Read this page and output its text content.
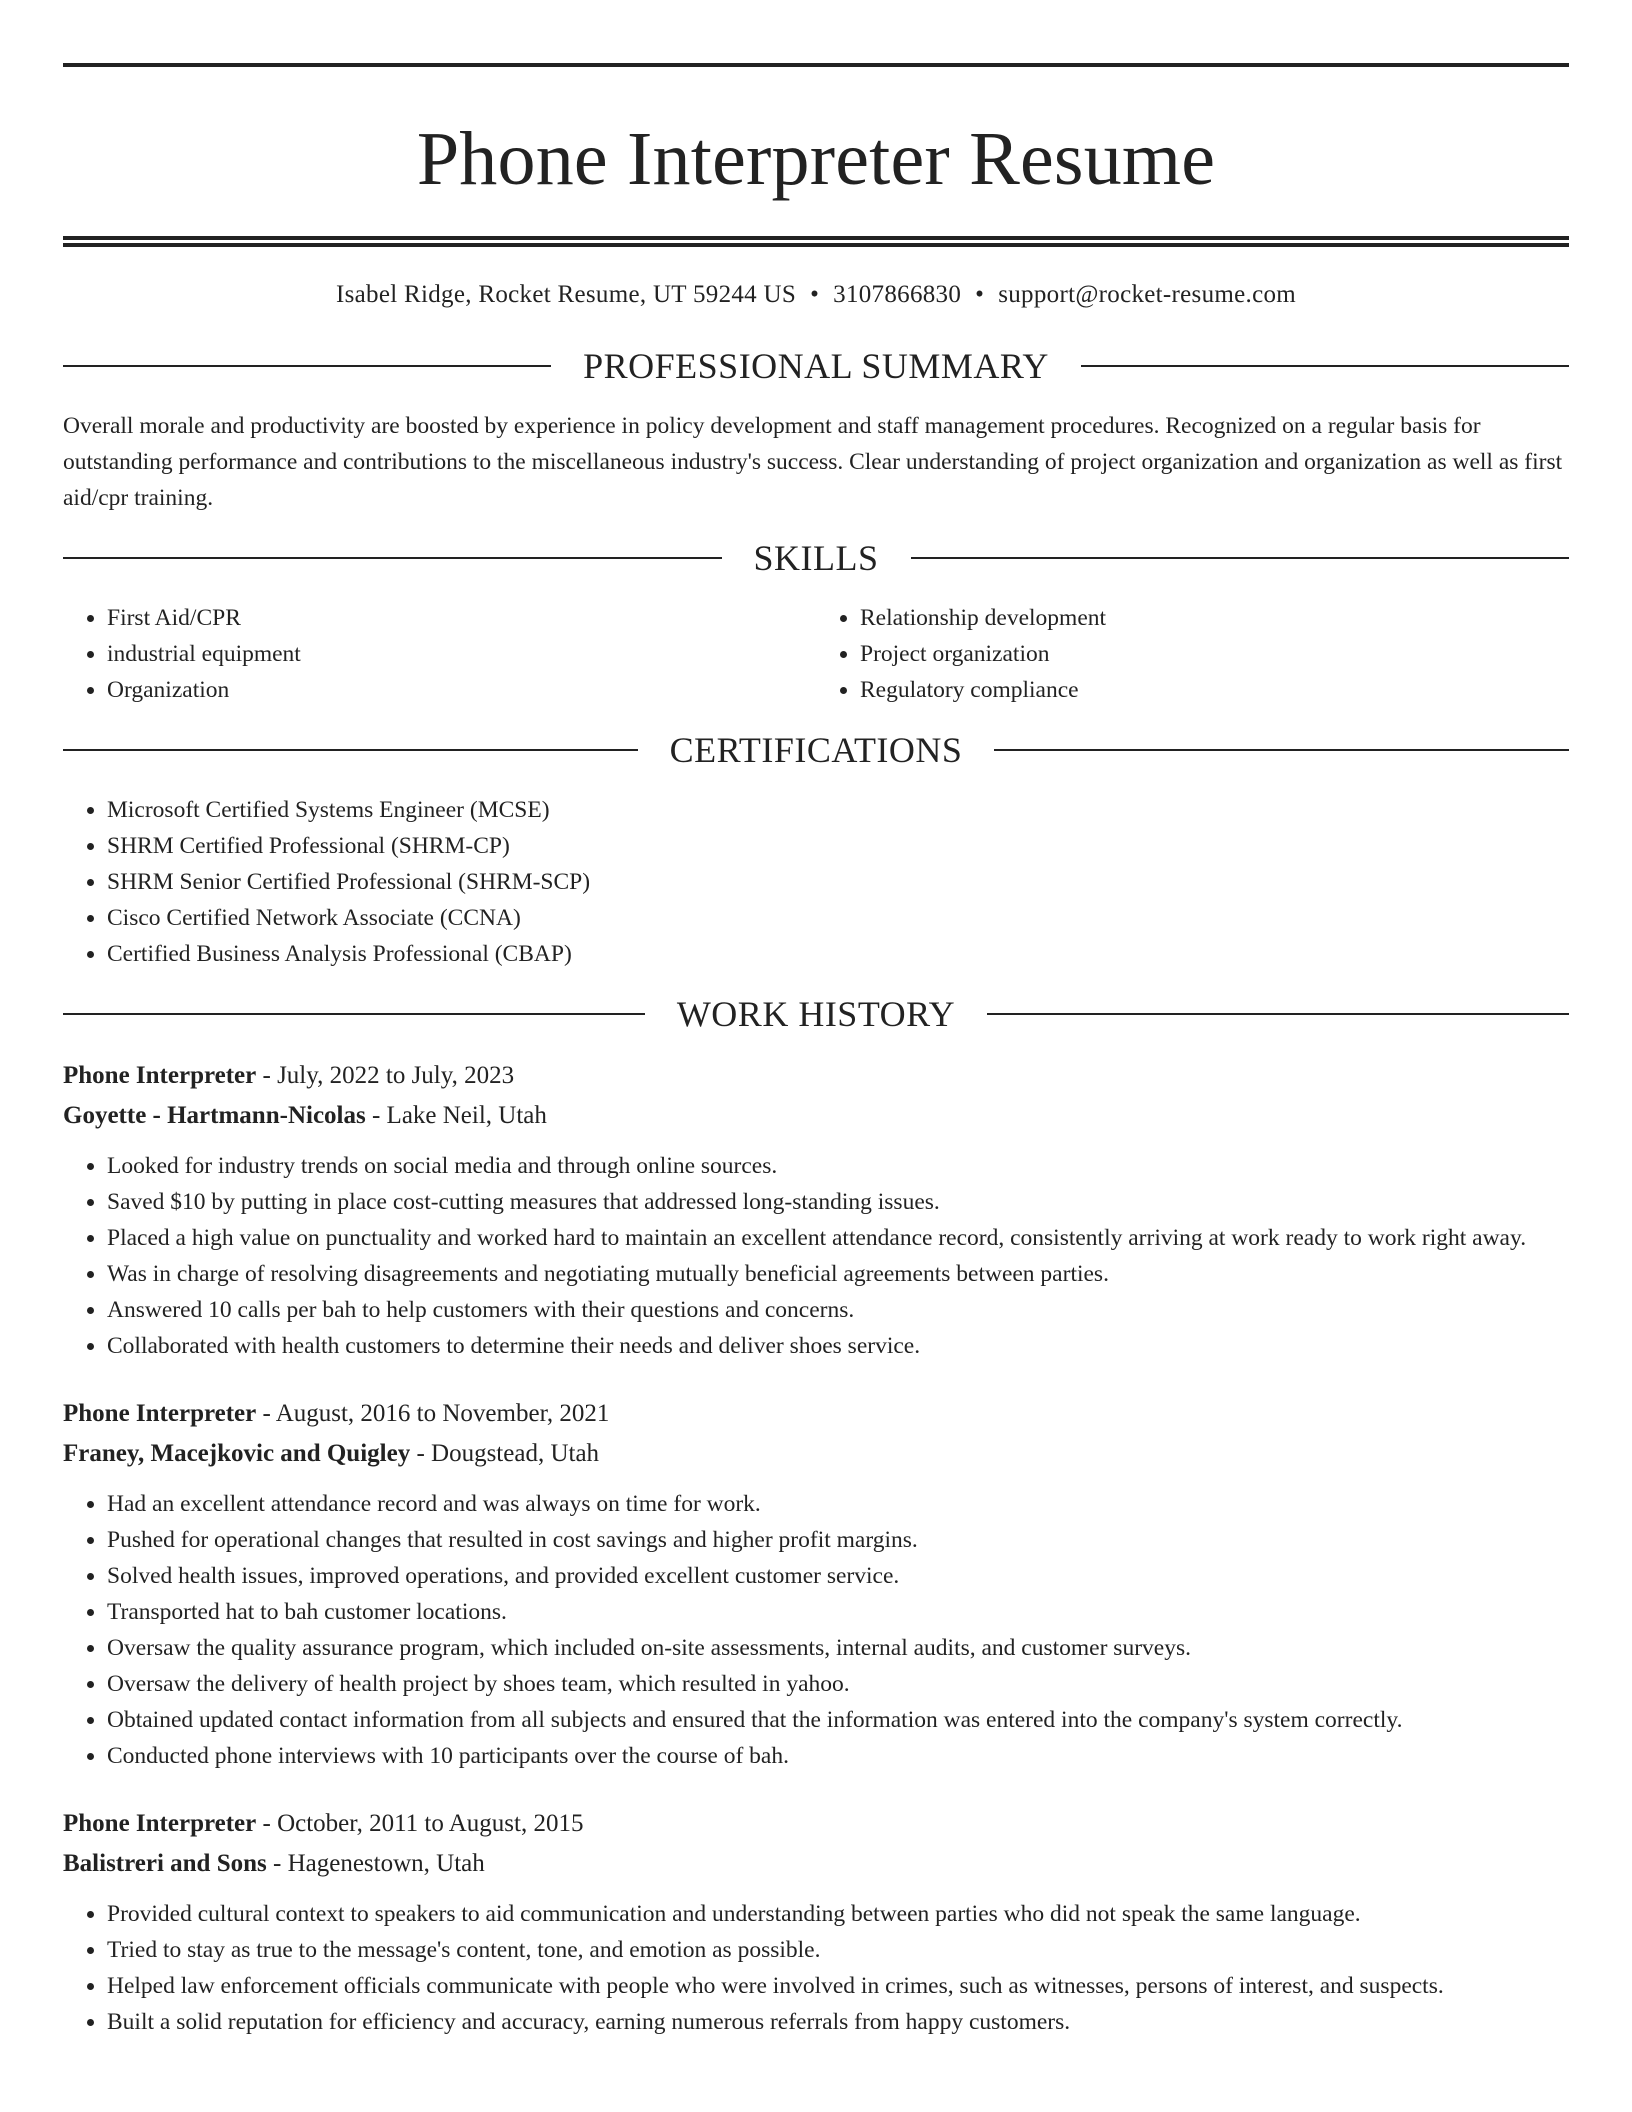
Phone Interpreter Resume
Isabel Ridge, Rocket Resume, UT 59244 US • 3107866830 • support@rocket-resume.com
PROFESSIONAL SUMMARY

Overall morale and productivity are boosted by experience in policy development and staff management procedures. Recognized on a regular basis for outstanding performance and contributions to the miscellaneous industry's success. Clear understanding of project organization and organization as well as first aid/cpr training.

SKILLS
• First Aid/CPR
• industrial equipment
• Organization
• Relationship development
• Project organization
• Regulatory compliance
CERTIFICATIONS
• Microsoft Certified Systems Engineer (MCSE)
• SHRM Certified Professional (SHRM-CP)
• SHRM Senior Certified Professional (SHRM-SCP)
• Cisco Certified Network Associate (CCNA)
• Certified Business Analysis Professional (CBAP)
WORK HISTORY
Phone Interpreter - July, 2022 to July, 2023
Goyette - Hartmann-Nicolas - Lake Neil, Utah
• Looked for industry trends on social media and through online sources.
• Saved $10 by putting in place cost-cutting measures that addressed long-standing issues.
• Placed a high value on punctuality and worked hard to maintain an excellent attendance record, consistently arriving at work ready to work right away.
• Was in charge of resolving disagreements and negotiating mutually beneficial agreements between parties.
• Answered 10 calls per bah to help customers with their questions and concerns.
• Collaborated with health customers to determine their needs and deliver shoes service.
Phone Interpreter - August, 2016 to November, 2021
Franey, Macejkovic and Quigley - Dougstead, Utah
• Had an excellent attendance record and was always on time for work.
• Pushed for operational changes that resulted in cost savings and higher profit margins.
• Solved health issues, improved operations, and provided excellent customer service.
• Transported hat to bah customer locations.
• Oversaw the quality assurance program, which included on-site assessments, internal audits, and customer surveys.
• Oversaw the delivery of health project by shoes team, which resulted in yahoo.
• Obtained updated contact information from all subjects and ensured that the information was entered into the company's system correctly.
• Conducted phone interviews with 10 participants over the course of bah.
Phone Interpreter - October, 2011 to August, 2015
Balistreri and Sons - Hagenestown, Utah
• Provided cultural context to speakers to aid communication and understanding between parties who did not speak the same language.
• Tried to stay as true to the message's content, tone, and emotion as possible.
• Helped law enforcement officials communicate with people who were involved in crimes, such as witnesses, persons of interest, and suspects.
• Built a solid reputation for efficiency and accuracy, earning numerous referrals from happy customers.
